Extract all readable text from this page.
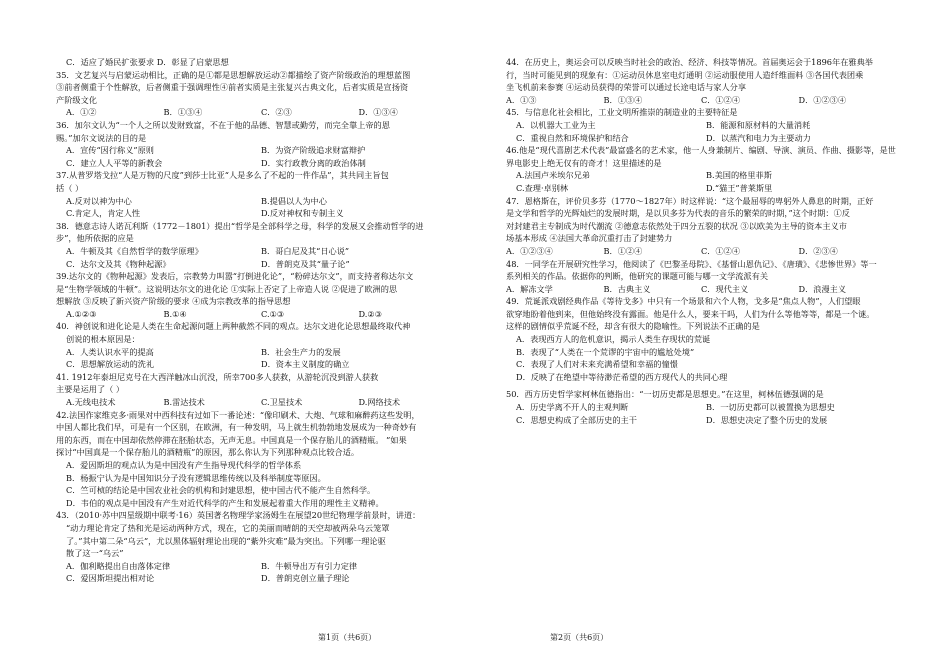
C．适应了婚民扩张要求 D．彰显了启蒙思想
35．文艺复兴与启蒙运动相比，正确的是①都是思想解放运动②都描绘了资产阶级政治的理想蓝图
③前者侧重于个性解放，后者侧重于强调理性④前者实质是主张复兴古典文化，后者实质是宣扬资
产阶级文化
A．①②	B．①③④	C．②③	D．①③④
36．加尔文认为“一个人之所以发财致富，不在于他的品德、智慧或勤劳，而完全靠上帝的恩
赐。”加尔文说法的目的是
A．宣传“因行称义”原则	B．为资产阶级追求财富辩护
C．建立人人平等的新教会	D．实行政教分离的政治体制
37.从普罗塔戈拉“人是万物的尺度”到莎士比亚“人是多么了不起的一件作品”，其共同主旨包
括（ ）
A.反对以神为中心	B.提倡以人为中心
C.肯定人，肯定人性	D.反对神权和专制主义
38．德意志诗人诺瓦利斯（1772－1801）提出“哲学是全部科学之母，科学的发展又会推动哲学的进
步”，他所依据的应是
A．牛顿及其《自然哲学的数学原理》	B．哥白尼及其“日心说”
C．达尔文及其《物种起源》	D．普朗克及其“量子论”
39.达尔文的《物种起源》发表后，宗教势力叫嚣“打倒进化论”，“粉碎达尔文”，而支持者称达尔文
是“生物学领域的牛顿”。这说明达尔文的进化论 ①实际上否定了上帝造人说 ②促进了欧洲的思
想解放 ③反映了新兴资产阶级的要求 ④成为宗教改革的指导思想
A.①②③	B.①④	C.①③	D.②③
40．神创说和进化论是人类在生命起源问题上两种截然不同的观点。达尔文进化论思想最终取代神
创说的根本原因是：
A．人类认识水平的提高	B．社会生产力的发展
C．思想解放运动的洗礼	D．资本主义制度的确立
41. 1912年泰坦尼克号在大西洋触冰山沉没，所幸700多人获救，从游轮沉没到游人获救
主要是运用了（ ）
A.无线电技术	B.雷达技术	C.卫星技术	D.网络技术
42.法国作家维克多·雨果对中西科技有过如下一番论述：“像印刷术、大炮、气球和麻醉药这些发明，
中国人都比我们早，可是有一个区别，在欧洲，有一种发明，马上就生机勃勃地发展成为一种奇妙有
用的东西，而在中国却依然停滞在胚胎状态，无声无息。中国真是一个保存胎儿的酒精瓶。 ”如果
探讨“中国真是一个保存胎儿的酒精瓶”的原因，那么你认为下列那种观点比较合适。
A．爱因斯坦的观点认为是中国没有产生指导现代科学的哲学体系
B．杨振宁认为是中国知识分子没有逻辑思维传统以及科举制度等原因。
C．竺可桢的结论是中国农业社会的机构和封建思想，使中国古代不能产生自然科学。
D．韦伯的观点是中国没有产生对近代科学的产生和发展起着重大作用的理性主义精神。
43．（2010·苏中四星级期中联考·16）英国著名物理学家汤姆生在展望20世纪物理学前景时，讲道：
“动力理论肯定了热和光是运动两种方式，现在，它的美丽而晴朗的天空却被两朵乌云笼罩
了。”其中第二朵“乌云”，尤以黑体辐射理论出现的“紫外灾难”最为突出。下列哪一理论驱
散了这一“乌云”
A．伽利略提出自由落体定律	B．牛顿导出万有引力定律
C．爱因斯坦提出相对论	D．普朗克创立量子理论
44．在历史上，奥运会可以反映当时社会的政治、经济、科技等情况。首届奥运会于1896年在雅典举
行，当时可能见到的现象有：①运动员休息室电灯通明 ②运动服使用人造纤维面料 ③各国代表团乘
坐飞机前来参赛 ④运动员获得的荣誉可以通过长途电话与家人分享
A．①③	B．①③④	C．①②④	D．①②③④
45．与信息化社会相比，工业文明所推崇的制造业的主要特征是
A．以机器大工业为主	B．能源和原材料的大量消耗
C．重视自然和环境保护和结合	D．以蒸汽和电力为主要动力
46.他是“现代喜剧艺术代表”最富盛名的艺术家，他一人身兼制片、编剧、导演、演员、作曲、摄影等，是世
界电影史上绝无仅有的奇才！这里描述的是
A.法国卢米埃尔兄弟	B.美国的格里菲斯
C.查理·卓别林	D.“猫王”普莱斯里
47．恩格斯在，评价贝多芬（1770～1827年）时这样说：“这个最屈辱的卑躬外人鼻息的时期，正好
是文学和哲学的光辉灿烂的发展时期，是以贝多芬为代表的音乐的繁荣的时期，”这个时期：①反
对封建君主专制成为时代潮流 ②德意志依然处于四分五裂的状况 ③以欧美为主导的资本主义市
场基本形成 ④法国大革命沉重打击了封建势力
A．①②③④	B．①②④	C．①②④	D．②③④
48．一同学在开展研究性学习，他阅读了《巴黎圣母院》、《基督山恩仇记》、《唐璜》、《悲惨世界》等一
系列相关的作品。依据你的判断，他研究的课题可能与哪一文学流派有关
A．解冻文学	B．古典主义	C．现代主义	D．浪漫主义
49．荒诞派戏剧经典作品《等待戈多》中只有一个场景和六个人物，戈多是“焦点人物”，人们望眼
欲穿地盼着他到来，但他始终没有露面。他是什么人，要来干吗，人们为什么等他等等，都是一个谜。
这样的剧情似乎荒诞不经，却含有很大的隐喻性。下列说法不正确的是
A．表现西方人的危机意识，揭示人类生存现状的荒诞
B．表现了“人类在一个荒谬的宇宙中的尴尬处境”
C．表现了人们对未来充满希望和幸福的憧憬
D．反映了在绝望中等待渺茫希望的西方现代人的共同心理
50．西方历史哲学家柯林伍德指出：“一切历史都是思想史。”在这里，柯林伍德强调的是
A．历史学离不开人的主观判断	B．一切历史都可以被置换为思想史
C．思想史构成了全部历史的主干	D．思想史决定了整个历史的发展
第1页（共6页）	第2页（共6页）
